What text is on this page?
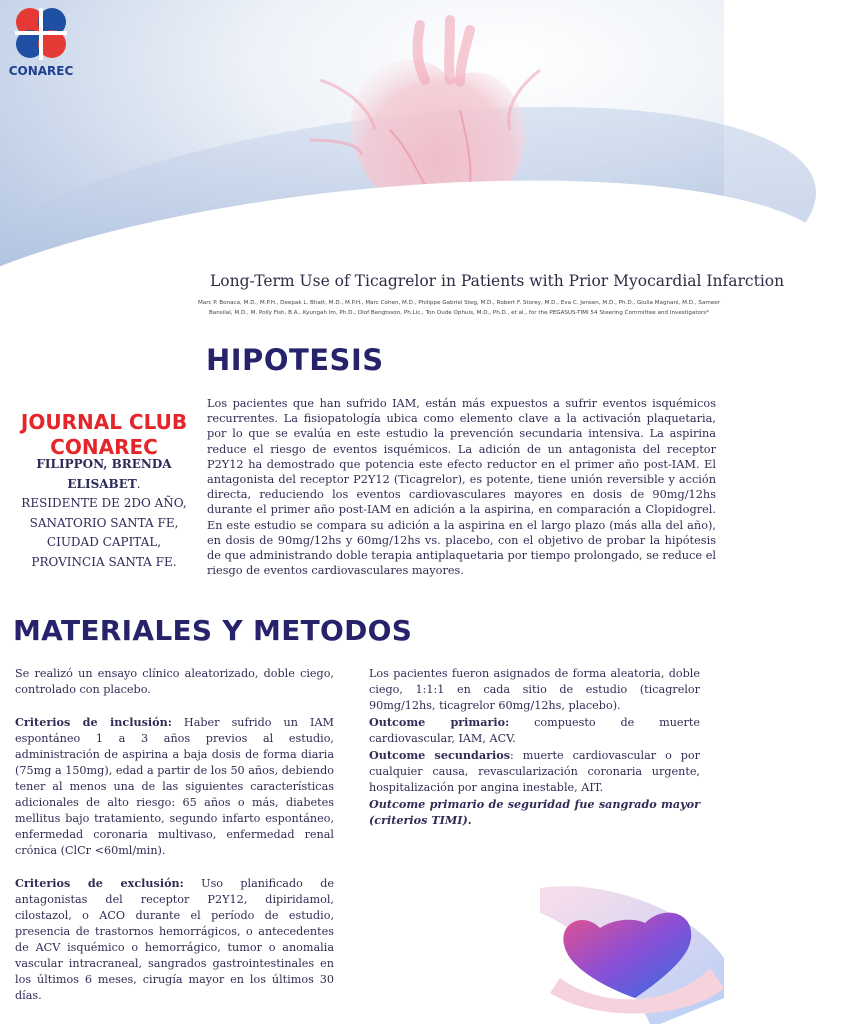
CONAREC
Long-Term Use of Ticagrelor in Patients with Prior Myocardial Infarction
Marc P. Bonaca, M.D., M.P.H., Deepak L. Bhatt, M.D., M.P.H., Marc Cohen, M.D., Philippe Gabriel Steg, M.D., Robert F. Storey, M.D., Eva C. Jensen, M.D., Ph.D., Giulia Magnani, M.D., Sameer Bansilal, M.D., M. Polly Fish, B.A., Kyungah Im, Ph.D., Olof Bengtsson, Ph.Lic., Ton Oude Ophuis, M.D., Ph.D., et al., for the PEGASUS-TIMI 54 Steering Committee and Investigators*
HIPOTESIS
Los pacientes que han sufrido IAM, están más expuestos a sufrir eventos isquémicos recurrentes. La fisiopatología ubica como elemento clave a la activación plaquetaria, por lo que se evalúa en este estudio la prevención secundaria intensiva. La aspirina reduce el riesgo de eventos isquémicos. La adición de un antagonista del receptor P2Y12 ha demostrado que potencia este efecto reductor en el primer año post-IAM. El antagonista del receptor P2Y12 (Ticagrelor), es potente, tiene unión reversible y acción directa, reduciendo los eventos cardiovasculares mayores en dosis de 90mg/12hs durante el primer año post-IAM en adición a la aspirina, en comparación a Clopidogrel. En este estudio se compara su adición a la aspirina en el largo plazo (más alla del año), en dosis de 90mg/12hs y 60mg/12hs vs. placebo, con el objetivo de probar la hipótesis de que administrando doble terapia antiplaquetaria por tiempo prolongado, se reduce el riesgo de eventos cardiovasculares mayores.
JOURNAL CLUB
CONAREC
FILIPPON, BRENDA
ELISABET.
RESIDENTE DE 2DO AÑO,
SANATORIO SANTA FE,
CIUDAD CAPITAL,
PROVINCIA SANTA FE.
MATERIALES Y METODOS

Se realizó un ensayo clínico aleatorizado, doble ciego, controlado con placebo.

Criterios de inclusión: Haber sufrido un IAM espontáneo 1 a 3 años previos al estudio, administración de aspirina a baja dosis de forma diaria (75mg a 150mg), edad a partir de los 50 años, debiendo tener al menos una de las siguientes características adicionales de alto riesgo: 65 años o más, diabetes mellitus bajo tratamiento, segundo infarto espontáneo, enfermedad coronaria multivaso, enfermedad renal crónica (ClCr <60ml/min).

Criterios de exclusión: Uso planificado de antagonistas del receptor P2Y12, dipiridamol, cilostazol, o ACO durante el período de estudio, presencia de trastornos hemorrágicos, o antecedentes de ACV isquémico o hemorrágico, tumor o anomalia vascular intracraneal, sangrados gastrointestinales en los últimos 6 meses, cirugía mayor en los últimos 30 días.

Los pacientes fueron asignados de forma aleatoria, doble ciego, 1:1:1 en cada sitio de estudio (ticagrelor 90mg/12hs, ticagrelor 60mg/12hs, placebo).

Outcome primario: compuesto de muerte cardiovascular, IAM, ACV.

Outcome secundarios: muerte cardiovascular o por cualquier causa, revascularización coronaria urgente, hospitalización por angina inestable, AIT.

Outcome primario de seguridad fue sangrado mayor (criterios TIMI).
